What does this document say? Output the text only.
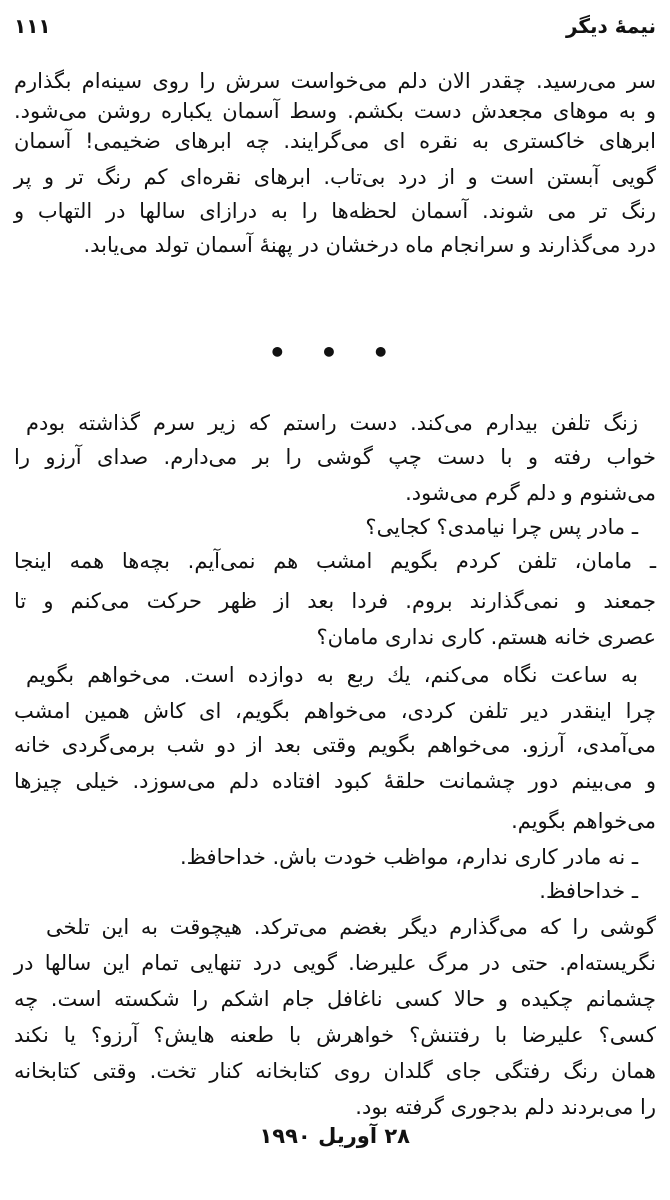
نیمهٔ دیگر
۱۱۱
سر می‌رسید. چقدر الان دلم می‌خواست سرش را روی سینه‌ام بگذارم
و به موهای مجعدش دست بکشم. وسط آسمان یکباره روشن می‌شود.
ابرهای خاکستری به نقره ای می‌گرایند. چه ابرهای ضخیمی! آسمان
گویی آبستن است و از درد بی‌تاب. ابرهای نقره‌ای کم رنگ تر و پر
رنگ تر می شوند. آسمان لحظه‌ها را به درازای سالها در التهاب و
درد می‌گذارند و سرانجام ماه درخشان در پهنهٔ آسمان تولد می‌یابد.
• • •
زنگ تلفن بیدارم می‌کند. دست راستم که زیر سرم گذاشته بودم
خواب رفته و با دست چپ گوشی را بر می‌دارم. صدای آرزو را
می‌شنوم و دلم گرم می‌شود.
ـ مادر پس چرا نیامدی؟ کجایی؟
ـ مامان، تلفن کردم بگویم امشب هم نمی‌آیم. بچه‌ها همه اینجا
جمعند و نمی‌گذارند بروم. فردا بعد از ظهر حرکت می‌کنم و تا
عصری خانه هستم. کاری نداری مامان؟
به ساعت نگاه می‌کنم، یك ربع به دوازده است. می‌خواهم بگویم
چرا اینقدر دیر تلفن کردی، می‌خواهم بگویم، ای کاش همین امشب
می‌آمدی، آرزو. می‌خواهم بگویم وقتی بعد از دو شب برمی‌گردی خانه
و می‌بینم دور چشمانت حلقهٔ کبود افتاده دلم می‌سوزد. خیلی چیزها
می‌خواهم بگویم.
ـ نه مادر کاری ندارم، مواظب خودت باش. خداحافظ.
ـ خداحافظ.
گوشی را که می‌گذارم دیگر بغضم می‌ترکد. هیچوقت به این تلخی
نگریسته‌ام. حتی در مرگ علیرضا. گویی درد تنهایی تمام این سالها در
چشمانم چکیده و حالا کسی ناغافل جام اشکم را شکسته است. چه
کسی؟ علیرضا با رفتنش؟ خواهرش با طعنه هایش؟ آرزو؟ یا نکند
همان رنگ رفتگی جای گلدان روی کتابخانه کنار تخت. وقتی کتابخانه
را می‌بردند دلم بدجوری گرفته بود.
۲۸ آوریل ۱۹۹۰
